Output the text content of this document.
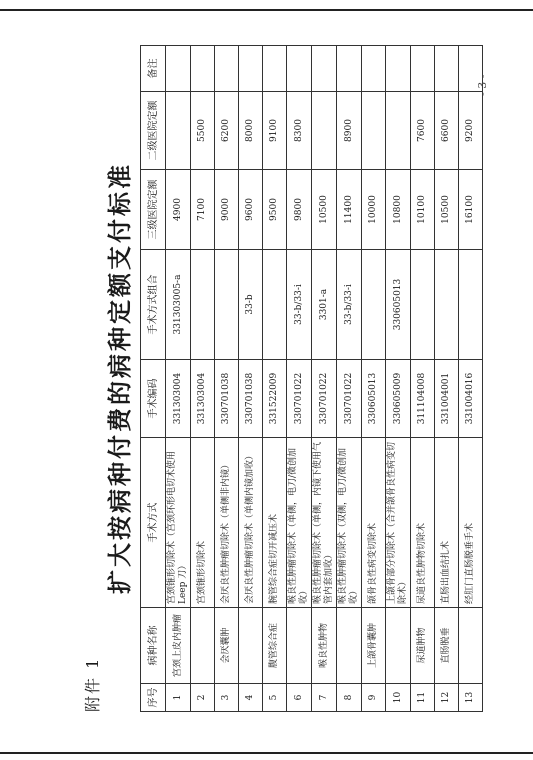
附件 1
扩大按病种付费的病种定额支付标准
序号	病种名称	手术方式	手术编码	手术方式组合	三级医院定额	二级医院定额	备注
1	宫颈上皮内肿瘤	宫颈锥形切除术（宫颈环形电切术使用 Leep 刀）	331303004	331303005-a	4900		
2		宫颈锥形切除术	331303004		7100	5500	
3	会厌囊肿	会厌良性肿瘤切除术（单侧非内镜）	330701038		9000	6200	
4		会厌良性肿瘤切除术（单侧内镜加收）	330701038	33-b	9600	8000	
5	腹管综合症	腕管综合症切开减压术	331522009		9500	9100	
6		喉良性肿瘤切除术（单侧，电刀/微创加收）	330701022	33-b/33-i	9800	8300	
7	喉良性肿物	喉良性肿瘤切除术（单侧，内镜下使用气管内套加收）	330701022	3301-a	10500		
8		喉良性肿瘤切除术（双侧，电刀/微创加收）	330701022	33-b/33-i	11400	8900	
9	上颌骨囊肿	颌骨良性病变切除术	330605013		10000		
10		上颌骨部分切除术（合并颌骨良性病变切除术）	330605009	330605013	10800		
11	尿道肿物	尿道良性肿物切除术	311104008		10100	7600	
12	直肠脱垂	直肠出血结扎术	331004001		10500	6600	
13		经肛门直肠脱垂手术	331004016		16100	9200	
- 3 -
